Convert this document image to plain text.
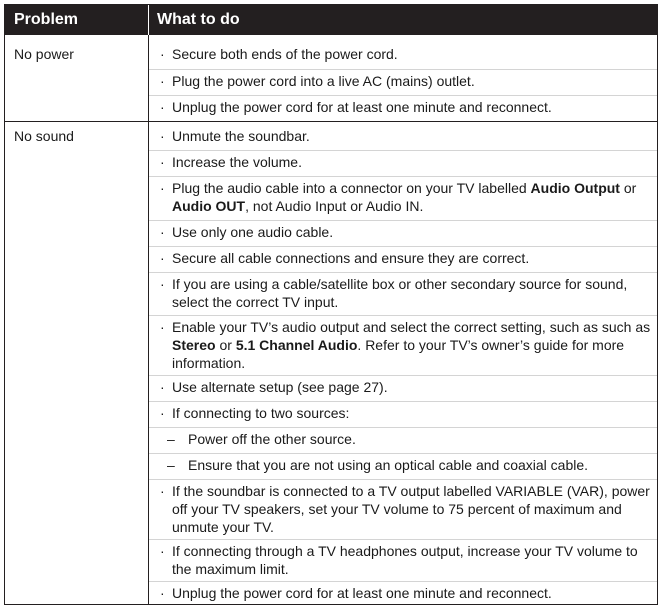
Problem	What to do
No power	· Secure both ends of the power cord.
· Plug the power cord into a live AC (mains) outlet.
· Unplug the power cord for at least one minute and reconnect.
No sound	· Unmute the soundbar.
· Increase the volume.
· Plug the audio cable into a connector on your TV labelled Audio Output or Audio OUT, not Audio Input or Audio IN.
· Use only one audio cable.
· Secure all cable connections and ensure they are correct.
· If you are using a cable/satellite box or other secondary source for sound, select the correct TV input.
· Enable your TV’s audio output and select the correct setting, such as such as Stereo or 5.1 Channel Audio. Refer to your TV’s owner’s guide for more information.
· Use alternate setup (see page 27).
· If connecting to two sources:
– Power off the other source.
– Ensure that you are not using an optical cable and coaxial cable.
· If the soundbar is connected to a TV output labelled VARIABLE (VAR), power off your TV speakers, set your TV volume to 75 percent of maximum and unmute your TV.
· If connecting through a TV headphones output, increase your TV volume to the maximum limit.
· Unplug the power cord for at least one minute and reconnect.
